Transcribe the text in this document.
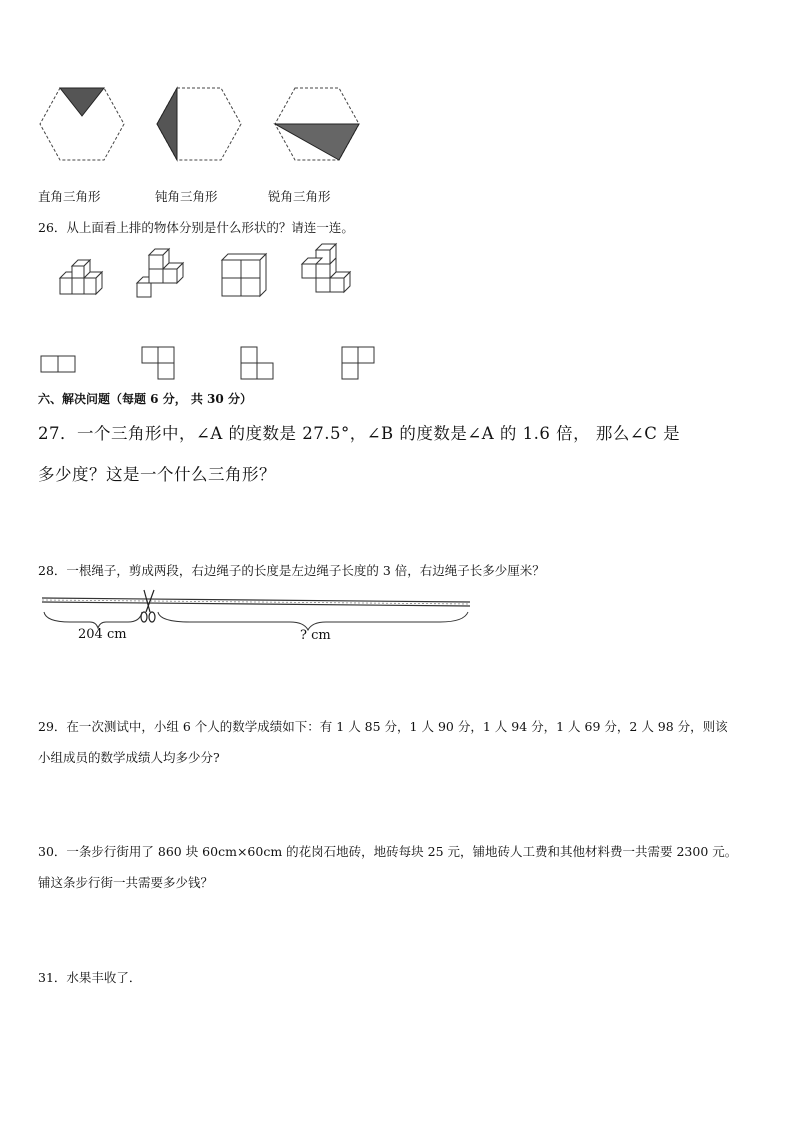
直角三角形	钝角三角形	锐角三角形
26．从上面看上排的物体分别是什么形状的？请连一连。
六、解决问题（每题 6 分， 共 30 分）
27．一个三角形中，∠A 的度数是 27.5°，∠B 的度数是∠A 的 1.6 倍， 那么∠C 是
多少度？这是一个什么三角形？
28．一根绳子，剪成两段，右边绳子的长度是左边绳子长度的 3 倍，右边绳子长多少厘米？
204 cm	? cm
29．在一次测试中，小组 6 个人的数学成绩如下：有 1 人 85 分，1 人 90 分，1 人 94 分，1 人 69 分，2 人 98 分，则该
小组成员的数学成绩人均多少分?
30．一条步行街用了 860 块 60cm×60cm 的花岗石地砖，地砖每块 25 元，铺地砖人工费和其他材料费一共需要 2300 元。
铺这条步行街一共需要多少钱？
31．水果丰收了．
